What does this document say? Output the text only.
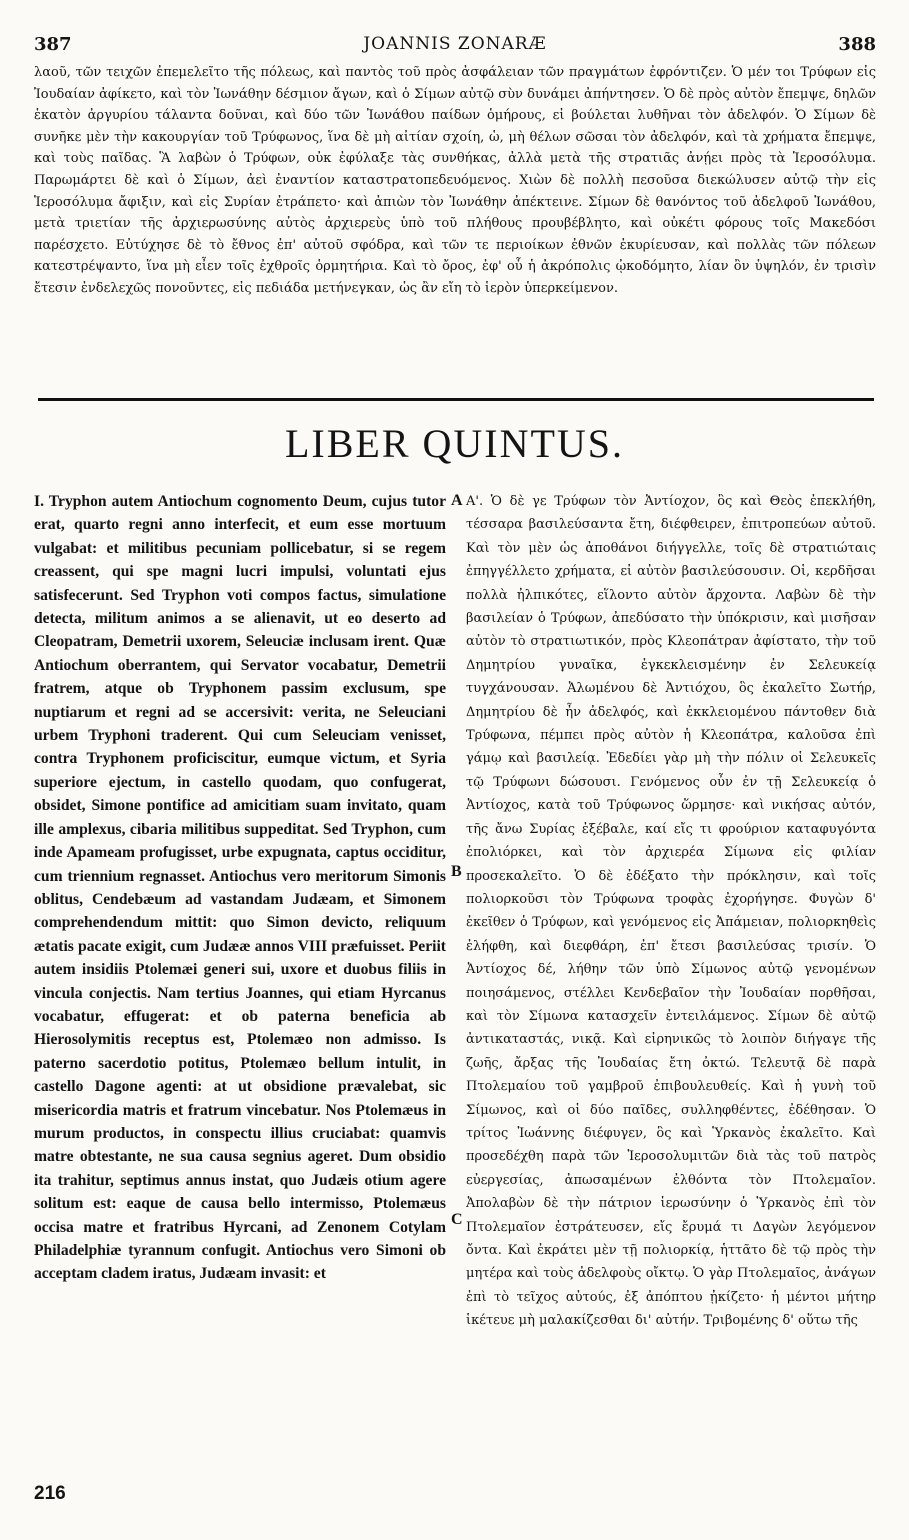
387	JOANNIS ZONARÆ	388
λαοῦ, τῶν τειχῶν ἐπεμελεῖτο τῆς πόλεως, καὶ παντὸς τοῦ πρὸς ἀσφάλειαν τῶν πραγμάτων ἐφρόντιζεν. Ὁ μέν τοι Τρύφων εἰς Ἰουδαίαν ἀφίκετο, καὶ τὸν Ἰωνάθην δέσμιον ἄγων, καὶ ὁ Σίμων αὐτῷ σὺν δυνάμει ἀπήντησεν. Ὁ δὲ πρὸς αὐτὸν ἔπεμψε, δηλῶν ἑκατὸν ἀργυρίου τάλαντα δοῦναι, καὶ δύο τῶν Ἰωνάθου παίδων ὁμήρους, εἰ βούλεται λυθῆναι τὸν ἀδελφόν. Ὁ Σίμων δὲ συνῆκε μὲν τὴν κακουργίαν τοῦ Τρύφωνος, ἵνα δὲ μὴ αἰτίαν σχοίη, ὡ, μὴ θέλων σῶσαι τὸν ἀδελφόν, καὶ τὰ χρήματα ἔπεμψε, καὶ τοὺς παῖδας. Ἃ λαβὼν ὁ Τρύφων, οὐκ ἐφύλαξε τὰς συνθήκας, ἀλλὰ μετὰ τῆς στρατιᾶς ἀνῄει πρὸς τὰ Ἱεροσόλυμα. Παρωμάρτει δὲ καὶ ὁ Σίμων, ἀεὶ ἐναντίον καταστρατοπεδευόμενος. Χιὼν δὲ πολλὴ πεσοῦσα διεκώλυσεν αὐτῷ τὴν εἰς Ἱεροσόλυμα ἄφιξιν, καὶ εἰς Συρίαν ἐτράπετο· καὶ ἀπιὼν τὸν Ἰωνάθην ἀπέκτεινε. Σίμων δὲ θανόντος τοῦ ἀδελφοῦ Ἰωνάθου, μετὰ τριετίαν τῆς ἀρχιερωσύνης αὐτὸς ἀρχιερεὺς ὑπὸ τοῦ πλήθους προυβέβλητο, καὶ οὐκέτι φόρους τοῖς Μακεδόσι παρέσχετο. Εὐτύχησε δὲ τὸ ἔθνος ἐπ' αὐτοῦ σφόδρα, καὶ τῶν τε περιοίκων ἐθνῶν ἐκυρίευσαν, καὶ πολλὰς τῶν πόλεων κατεστρέψαντο, ἵνα μὴ εἶεν τοῖς ἐχθροῖς ὁρμητήρια. Καὶ τὸ ὄρος, ἐφ' οὗ ἡ ἀκρόπολις ᾠκοδόμητο, λίαν ὂν ὑψηλόν, ἐν τρισὶν ἔτεσιν ἐνδελεχῶς πονοῦντες, εἰς πεδιάδα μετήνεγκαν, ὡς ἂν εἴη τὸ ἱερὸν ὑπερκείμενον.
LIBER QUINTUS.

I. Tryphon autem Antiochum cognomento Deum, cujus tutor erat, quarto regni anno interfecit, et eum esse mortuum vulgabat: et militibus pecuniam pollicebatur, si se regem creassent, qui spe magni lucri impulsi, voluntati ejus satisfecerunt. Sed Tryphon voti compos factus, simulatione detecta, militum animos a se alienavit, ut eo deserto ad Cleopatram, Demetrii uxorem, Seleuciæ inclusam irent. Quæ Antiochum oberrantem, qui Servator vocabatur, Demetrii fratrem, atque ob Tryphonem passim exclusum, spe nuptiarum et regni ad se accersivit: verita, ne Seleuciani urbem Tryphoni traderent. Qui cum Seleuciam venisset, contra Tryphonem proficiscitur, eumque victum, et Syria superiore ejectum, in castello quodam, quo confugerat, obsidet, Simone pontifice ad amicitiam suam invitato, quam ille amplexus, cibaria militibus suppeditat. Sed Tryphon, cum inde Apameam profugisset, urbe expugnata, captus occiditur, cum triennium regnasset. Antiochus vero meritorum Simonis oblitus, Cendebæum ad vastandam Judæam, et Simonem comprehendendum mittit: quo Simon devicto, reliquum ætatis pacate exigit, cum Judææ annos VIII præfuisset. Periit autem insidiis Ptolemæi generi sui, uxore et duobus filiis in vincula conjectis. Nam tertius Joannes, qui etiam Hyrcanus vocabatur, effugerat: et ob paterna beneficia ab Hierosolymitis receptus est, Ptolemæo non admisso. Is paterno sacerdotio potitus, Ptolemæo bellum intulit, in castello Dagone agenti: at ut obsidione prævalebat, sic misericordia matris et fratrum vincebatur. Nos Ptolemæus in murum productos, in conspectu illius cruciabat: quamvis matre obtestante, ne sua causa segnius ageret. Dum obsidio ita trahitur, septimus annus instat, quo Judæis otium agere solitum est: eaque de causa bello intermisso, Ptolemæus occisa matre et fratribus Hyrcani, ad Zenonem Cotylam Philadelphiæ tyrannum confugit. Antiochus vero Simoni ob acceptam cladem iratus, Judæam invasit: et

A
B
C

Α'. Ὁ δὲ γε Τρύφων τὸν Ἀντίοχον, ὃς καὶ Θεὸς ἐπεκλήθη, τέσσαρα βασιλεύσαντα ἔτη, διέφθειρεν, ἐπιτροπεύων αὐτοῦ. Καὶ τὸν μὲν ὡς ἀποθάνοι διήγγελλε, τοῖς δὲ στρατιώταις ἐπηγγέλλετο χρήματα, εἰ αὐτὸν βασιλεύσουσιν. Οἱ, κερδῆσαι πολλὰ ἠλπικότες, εἵλοντο αὐτὸν ἄρχοντα. Λαβὼν δὲ τὴν βασιλείαν ὁ Τρύφων, ἀπεδύσατο τὴν ὑπόκρισιν, καὶ μισῆσαν αὐτὸν τὸ στρατιωτικόν, πρὸς Κλεοπάτραν ἀφίστατο, τὴν τοῦ Δημητρίου γυναῖκα, ἐγκεκλεισμένην ἐν Σελευκείᾳ τυγχάνουσαν. Ἀλωμένου δὲ Ἀντιόχου, ὃς ἐκαλεῖτο Σωτήρ, Δημητρίου δὲ ἦν ἀδελφός, καὶ ἐκκλειομένου πάντοθεν διὰ Τρύφωνα, πέμπει πρὸς αὐτὸν ἡ Κλεοπάτρα, καλοῦσα ἐπὶ γάμῳ καὶ βασιλείᾳ. Ἐδεδίει γὰρ μὴ τὴν πόλιν οἱ Σελευκεῖς τῷ Τρύφωνι δώσουσι. Γενόμενος οὖν ἐν τῇ Σελευκείᾳ ὁ Ἀντίοχος, κατὰ τοῦ Τρύφωνος ὥρμησε· καὶ νικήσας αὐτόν, τῆς ἄνω Συρίας ἐξέβαλε, καί εἴς τι φρούριον καταφυγόντα ἐπολιόρκει, καὶ τὸν ἀρχιερέα Σίμωνα εἰς φιλίαν προσεκαλεῖτο. Ὁ δὲ ἐδέξατο τὴν πρόκλησιν, καὶ τοῖς πολιορκοῦσι τὸν Τρύφωνα τροφὰς ἐχορήγησε. Φυγὼν δ' ἐκεῖθεν ὁ Τρύφων, καὶ γενόμενος εἰς Ἀπάμειαν, πολιορκηθεὶς ἐλήφθη, καὶ διεφθάρη, ἐπ' ἔτεσι βασιλεύσας τρισίν. Ὁ Ἀντίοχος δέ, λήθην τῶν ὑπὸ Σίμωνος αὐτῷ γενομένων ποιησάμενος, στέλλει Κενδεβαῖον τὴν Ἰουδαίαν πορθῆσαι, καὶ τὸν Σίμωνα κατασχεῖν ἐντειλάμενος. Σίμων δὲ αὐτῷ ἀντικαταστάς, νικᾷ. Καὶ εἰρηνικῶς τὸ λοιπὸν διήγαγε τῆς ζωῆς, ἄρξας τῆς Ἰουδαίας ἔτη ὀκτώ. Τελευτᾷ δὲ παρὰ Πτολεμαίου τοῦ γαμβροῦ ἐπιβουλευθείς. Καὶ ἡ γυνὴ τοῦ Σίμωνος, καὶ οἱ δύο παῖδες, συλληφθέντες, ἐδέθησαν. Ὁ τρίτος Ἰωάννης διέφυγεν, ὃς καὶ Ὑρκανὸς ἐκαλεῖτο. Καὶ προσεδέχθη παρὰ τῶν Ἱεροσολυμιτῶν διὰ τὰς τοῦ πατρὸς εὐεργεσίας, ἀπωσαμένων ἐλθόντα τὸν Πτολεμαῖον. Ἀπολαβὼν δὲ τὴν πάτριον ἱερωσύνην ὁ Ὑρκανὸς ἐπὶ τὸν Πτολεμαῖον ἐστράτευσεν, εἴς ἔρυμά τι Δαγὼν λεγόμενον ὄντα. Καὶ ἐκράτει μὲν τῇ πολιορκίᾳ, ἡττᾶτο δὲ τῷ πρὸς τὴν μητέρα καὶ τοὺς ἀδελφοὺς οἴκτῳ. Ὁ γὰρ Πτολεμαῖος, ἀνάγων ἐπὶ τὸ τεῖχος αὐτούς, ἐξ ἀπόπτου ᾐκίζετο· ἡ μέντοι μήτηρ ἱκέτευε μὴ μαλακίζεσθαι δι' αὐτήν. Τριβομένης δ' οὕτω τῆς

216
